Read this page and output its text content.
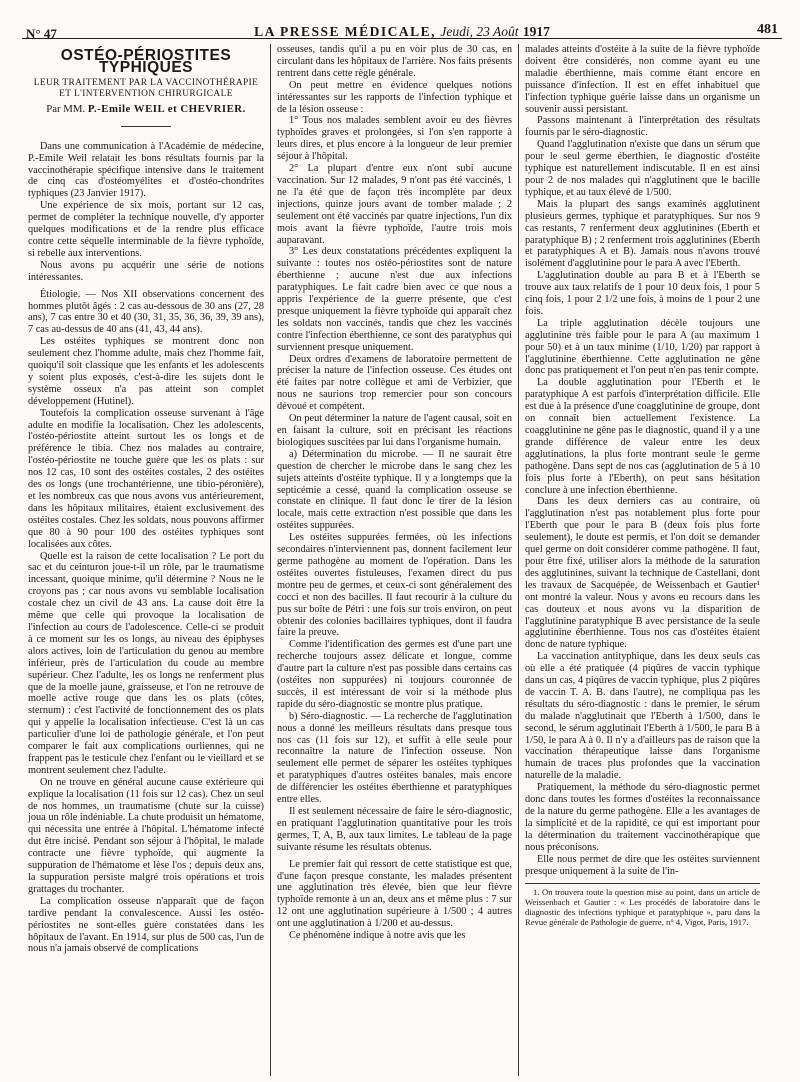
N° 47	LA PRESSE MÉDICALE, Jeudi, 23 Août 1917	481
OSTÉO-PÉRIOSTITES TYPHIQUES
LEUR TRAITEMENT PAR LA VACCINOTHÉRAPIE
ET L'INTERVENTION CHIRURGICALE
Par MM. P.-Emile WEIL et CHEVRIER.

Dans une communication à l'Académie de médecine, P.-Emile Weil relatait les bons résultats fournis par la vaccinothérapie spécifique intensive dans le traitement de cinq cas d'ostéomyélites et d'ostéo-chondrites typhiques (23 Janvier 1917).

Une expérience de six mois, portant sur 12 cas, permet de compléter la technique nouvelle, d'y apporter quelques modifications et de la rendre plus efficace contre cette séquelle interminable de la fièvre typhoïde, si rebelle aux interventions.

Nous avons pu acquérir une série de notions intéressantes.

Étiologie. — Nos XII observations concernent des hommes plutôt âgés : 2 cas au-dessous de 30 ans (27, 28 ans), 7 cas entre 30 et 40 (30, 31, 35, 36, 36, 39, 39 ans), 7 cas au-dessus de 40 ans (41, 43, 44 ans).

Les ostéites typhiques se montrent donc non seulement chez l'homme adulte, mais chez l'homme fait, quoiqu'il soit classique que les enfants et les adolescents y soient plus exposés, c'est-à-dire les sujets dont le système osseux n'a pas atteint son complet développement (Hutinel).

Toutefois la complication osseuse survenant à l'âge adulte en modifie la localisation. Chez les adolescents, l'ostéo-périostite atteint surtout les os longs et de préférence le tibia. Chez nos malades au contraire, l'ostéo-périostite ne touche guère que les os plats : sur nos 12 cas, 10 sont des ostéites costales, 2 des ostéites des os longs (une trochantérienne, une tibio-péronière), et les nombreux cas que nous avons vus antérieurement, dans les hôpitaux militaires, étaient exclusivement des ostéites costales. Chez les soldats, nous pouvons affirmer que 80 à 90 pour 100 des ostéites typhiques sont localisées aux côtes.

Quelle est la raison de cette localisation ? Le port du sac et du ceinturon joue-t-il un rôle, par le traumatisme incessant, quoique minime, qu'il détermine ? Nous ne le croyons pas ; car nous avons vu semblable localisation costale chez un civil de 43 ans. La cause doit être la même que celle qui provoque la localisation de l'infection au cours de l'adolescence. Celle-ci se produit à ce moment sur les os longs, au niveau des épiphyses alors actives, loin de l'articulation du genou au membre inférieur, près de l'articulation du coude au membre supérieur. Chez l'adulte, les os longs ne renferment plus que de la moelle jaune, graisseuse, et l'on ne retrouve de moelle active rouge que dans les os plats (côtes, sternum) : c'est l'activité de fonctionnement des os plats qui y appelle la localisation infectieuse. C'est là un cas particulier d'une loi de pathologie générale, et l'on peut comparer le fait aux complications ourliennes, qui ne frappent pas le testicule chez l'enfant ou le vieillard et se montrent seulement chez l'adulte.

On ne trouve en général aucune cause extérieure qui explique la localisation (11 fois sur 12 cas). Chez un seul de nos hommes, un traumatisme (chute sur la cuisse) joua un rôle indéniable. La chute produisit un hématome, qui nécessita une entrée à l'hôpital. L'hématome infecté dut être incisé. Pendant son séjour à l'hôpital, le malade contracte une fièvre typhoïde, qui augmente la suppuration de l'hématome et lèse l'os ; depuis deux ans, la suppuration persiste malgré trois opérations et trois grattages du trochanter.

La complication osseuse n'apparaît que de façon tardive pendant la convalescence. Aussi les ostéo-périostites ne sont-elles guère constatées dans les hôpitaux de l'avant. En 1914, sur plus de 500 cas, l'un de nous n'a jamais observé de complications

osseuses, tandis qu'il a pu en voir plus de 30 cas, en circulant dans les hôpitaux de l'arrière. Nos faits présents rentrent dans cette règle générale.

On peut mettre en évidence quelques notions intéressantes sur les rapports de l'infection typhique et de la lésion osseuse :

1° Tous nos malades semblent avoir eu des fièvres typhoïdes graves et prolongées, si l'on s'en rapporte à leurs dires, et plus encore à la longueur de leur premier séjour à l'hôpital.

2° La plupart d'entre eux n'ont subi aucune vaccination. Sur 12 malades, 9 n'ont pas été vaccinés, 1 ne l'a été que de façon très incomplète par deux injections, quinze jours avant de tomber malade ; 2 seulement ont été vaccinés par quatre injections, l'un dix mois avant la fièvre typhoïde, l'autre trois mois auparavant.

3° Les deux constatations précédentes expliquent la suivante : toutes nos ostéo-périostites sont de nature éberthienne ; aucune n'est due aux infections paratyphiques. Le fait cadre bien avec ce que nous a appris l'expérience de la guerre présente, que c'est presque uniquement la fièvre typhoïde qui apparaît chez les soldats non vaccinés, tandis que chez les vaccinés contre l'infection éberthienne, ce sont des paratyphus qui surviennent presque uniquement.

Deux ordres d'examens de laboratoire permettent de préciser la nature de l'infection osseuse. Ces études ont été faites par notre collègue et ami de Verbizier, que nous ne saurions trop remercier pour son concours dévoué et compétent.

On peut déterminer la nature de l'agent causal, soit en en faisant la culture, soit en précisant les réactions biologiques suscitées par lui dans l'organisme humain.

a) Détermination du microbe. — Il ne saurait être question de chercher le microbe dans le sang chez les sujets atteints d'ostéite typhique. Il y a longtemps que la septicémie a cessé, quand la complication osseuse se constate en clinique. Il faut donc le tirer de la lésion locale, mais cette extraction n'est possible que dans les ostéites suppurées.

Les ostéites suppurées fermées, où les infections secondaires n'interviennent pas, donnent facilement leur germe pathogène au moment de l'opération. Dans les ostéites ouvertes fistuleuses, l'examen direct du pus montre peu de germes, et ceux-ci sont généralement des cocci et non des bacilles. Il faut recourir à la culture du pus sur boîte de Pétri : une fois sur trois environ, on peut obtenir des colonies bacillaires typhiques, dont il faudra faire la preuve.

Comme l'identification des germes est d'une part une recherche toujours assez délicate et longue, comme d'autre part la culture n'est pas possible dans certains cas (ostéites non suppurées) ni toujours couronnée de succès, il est intéressant de voir si la méthode plus rapide du séro-diagnostic se montre plus pratique.

b) Séro-diagnostic. — La recherche de l'agglutination nous a donné les meilleurs résultats dans presque tous nos cas (11 fois sur 12), et suffit à elle seule pour reconnaître la nature de l'infection osseuse. Non seulement elle permet de séparer les ostéites typhiques et paratyphiques d'autres ostéites banales, mais encore de différencier les ostéites éberthienne et paratyphiques entre elles.

Il est seulement nécessaire de faire le séro-diagnostic, en pratiquant l'agglutination quantitative pour les trois germes, T, A, B, aux taux limites. Le tableau de la page suivante résume les résultats obtenus.

Le premier fait qui ressort de cette statistique est que, d'une façon presque constante, les malades présentent une agglutination très élevée, bien que leur fièvre typhoïde remonte à un an, deux ans et même plus : 7 sur 12 ont une agglutination supérieure à 1/500 ; 4 autres ont une agglutination à 1/200 et au-dessus.

Ce phénomène indique à notre avis que les

malades atteints d'ostéite à la suite de la fièvre typhoïde doivent être considérés, non comme ayant eu une maladie éberthienne, mais comme étant encore en puissance d'infection. Il est en effet inhabituel que l'infection typhique guérie laisse dans un organisme un souvenir aussi persistant.

Passons maintenant à l'interprétation des résultats fournis par le séro-diagnostic.

Quand l'agglutination n'existe que dans un sérum que pour le seul germe éberthien, le diagnostic d'ostéite typhique est naturellement indiscutable. Il en est ainsi pour 2 de nos malades qui n'agglutinent que le bacille typhique, et au taux élevé de 1/500.

Mais la plupart des sangs examinés agglutinent plusieurs germes, typhique et paratyphiques. Sur nos 9 cas restants, 7 renferment deux agglutinines (Eberth et paratyphique B) ; 2 renferment trois agglutinines (Eberth et paratyphiques A et B). Jamais nous n'avons trouvé isolément d'agglutinine pour le para A avec l'Eberth.

L'agglutination double au para B et à l'Eberth se trouve aux taux relatifs de 1 pour 10 deux fois, 1 pour 5 cinq fois, 1 pour 2 1/2 une fois, à moins de 1 pour 2 une fois.

La triple agglutination décèle toujours une agglutinine très faible pour le para A (au maximum 1 pour 50) et à un taux minime (1/10, 1/20) par rapport à l'agglutinine éberthienne. Cette agglutination ne gêne donc pas pratiquement et l'on peut n'en pas tenir compte.

La double agglutination pour l'Eberth et le paratyphique A est parfois d'interprétation difficile. Elle est due à la présence d'une coagglutinine de groupe, dont on connaît bien actuellement l'existence. La coagglutinine ne gêne pas le diagnostic, quand il y a une grande différence de valeur entre les deux agglutinations, la plus forte montrant seule le germe pathogène. Dans sept de nos cas (agglutination de 5 à 10 fois plus forte à l'Eberth), on peut sans hésitation conclure à une infection éberthienne.

Dans les deux derniers cas au contraire, où l'agglutination n'est pas notablement plus forte pour l'Eberth que pour le para B (deux fois plus forte seulement), le doute est permis, et l'on doit se demander quel germe on doit considérer comme pathogène. Il faut, pour être fixé, utiliser alors la méthode de la saturation des agglutinines, suivant la technique de Castellani, dont les travaux de Sacquépée, de Weissenbach et Gautier¹ ont montré la valeur. Nous y avons eu recours dans les cas douteux et nous avons vu la disparition de l'agglutinine paratyphique B avec persistance de la seule agglutinine éberthienne. Tous nos cas d'ostéites étaient donc de nature typhique.

La vaccination antityphique, dans les deux seuls cas où elle a été pratiquée (4 piqûres de vaccin typhique dans un cas, 4 piqûres de vaccin typhique, plus 2 piqûres de vaccin T. A. B. dans l'autre), ne compliqua pas les résultats du séro-diagnostic : dans le premier, le sérum du malade n'agglutinait que l'Eberth à 1/500, dans le second, le sérum agglutinait l'Eberth à 1/500, le para B à 1/50, le para A à 0. Il n'y a d'ailleurs pas de raison que la vaccination thérapeutique laisse dans l'organisme humain de traces plus profondes que la vaccination naturelle de la maladie.

Pratiquement, la méthode du séro-diagnostic permet donc dans toutes les formes d'ostéites la reconnaissance de la nature du germe pathogène. Elle a les avantages de la simplicité et de la rapidité, ce qui est important pour la détermination du traitement vaccinothérapique que nous préconisons.

Elle nous permet de dire que les ostéites surviennent presque uniquement à la suite de l'in-

1. On trouvera toute la question mise au point, dans un article de Weissenbach et Gautier : « Les procédés de laboratoire dans le diagnostic des infections typhique et paratyphique », paru dans la Revue générale de Pathologie de guerre, n° 4, Vigot, Paris, 1917.
